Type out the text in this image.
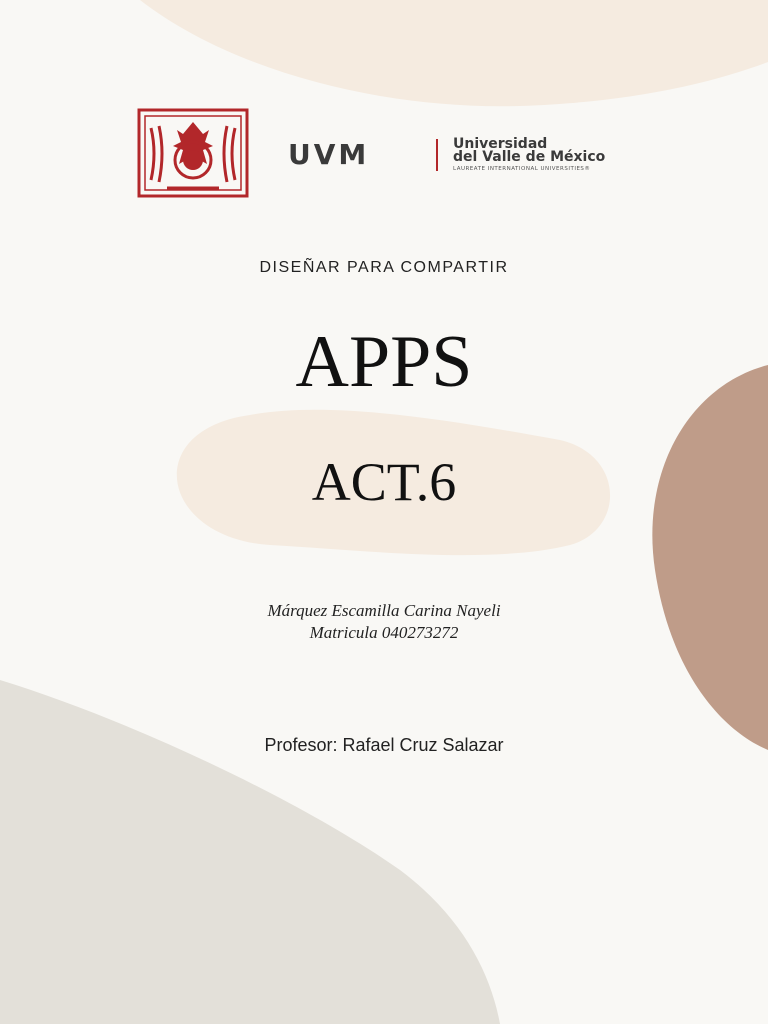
UVM	Universidad
del Valle de México
LAUREATE INTERNATIONAL UNIVERSITIES®
DISEÑAR PARA COMPARTIR
APPS
ACT.6
Márquez Escamilla Carina Nayeli
Matricula 040273272
Profesor: Rafael Cruz Salazar
